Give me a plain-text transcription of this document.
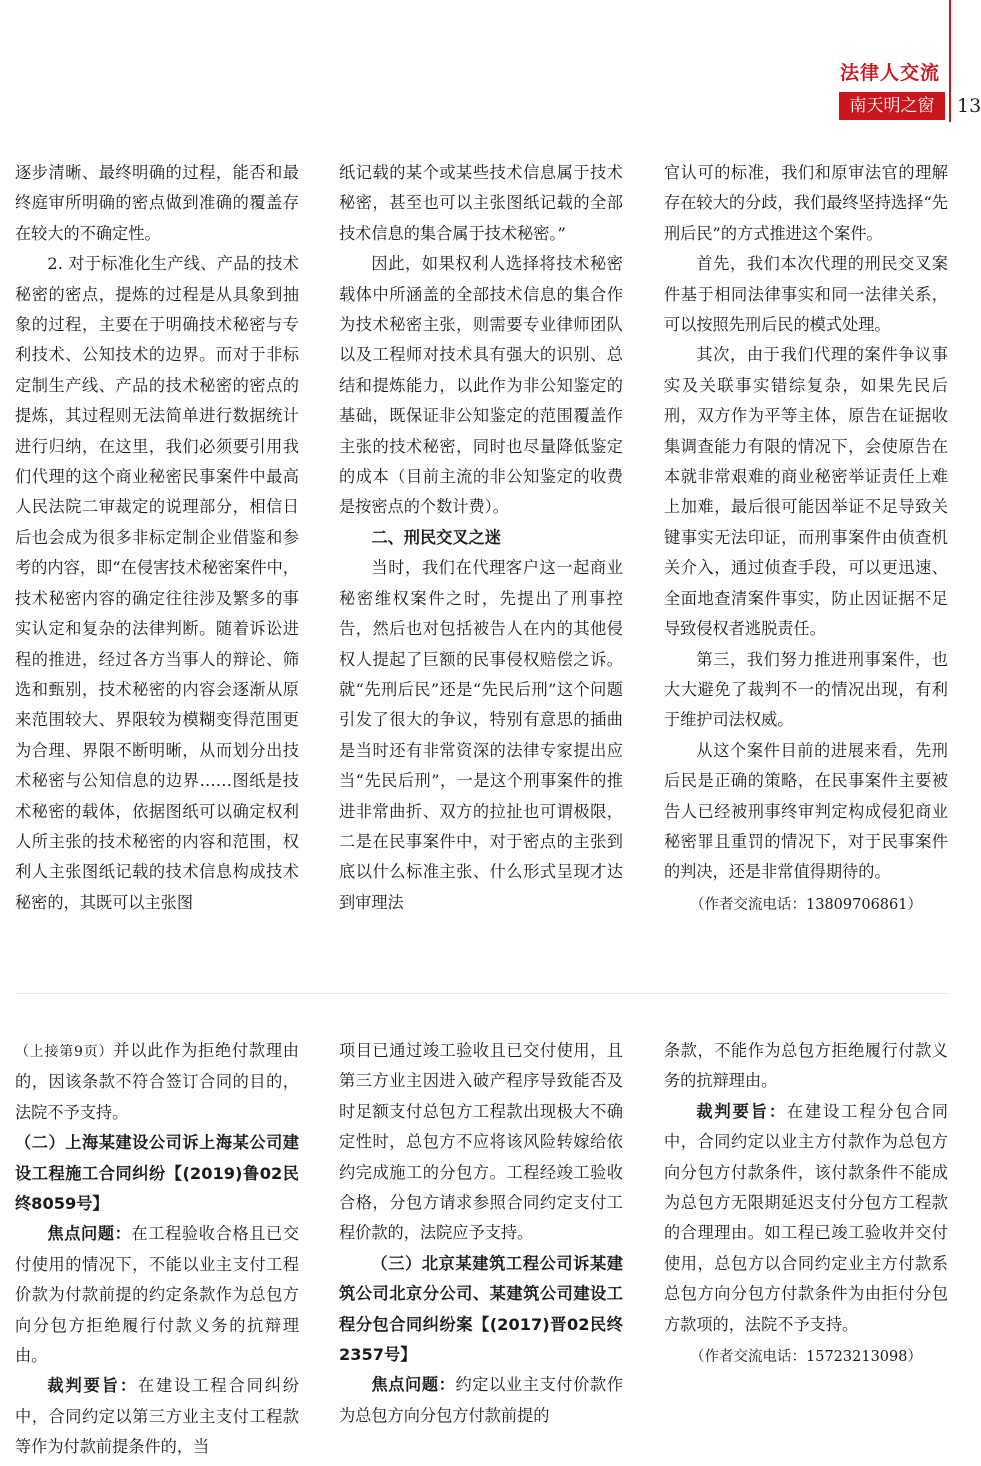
法律人交流
南天明之窗	13

逐步清晰、最终明确的过程，能否和最终庭审所明确的密点做到准确的覆盖存在较大的不确定性。

2. 对于标准化生产线、产品的技术秘密的密点，提炼的过程是从具象到抽象的过程，主要在于明确技术秘密与专利技术、公知技术的边界。而对于非标定制生产线、产品的技术秘密的密点的提炼，其过程则无法简单进行数据统计进行归纳，在这里，我们必须要引用我们代理的这个商业秘密民事案件中最高人民法院二审裁定的说理部分，相信日后也会成为很多非标定制企业借鉴和参考的内容，即“在侵害技术秘密案件中，技术秘密内容的确定往往涉及繁多的事实认定和复杂的法律判断。随着诉讼进程的推进，经过各方当事人的辩论、筛选和甄别，技术秘密的内容会逐渐从原来范围较大、界限较为模糊变得范围更为合理、界限不断明晰，从而划分出技术秘密与公知信息的边界……图纸是技术秘密的载体，依据图纸可以确定权利人所主张的技术秘密的内容和范围，权利人主张图纸记载的技术信息构成技术秘密的，其既可以主张图

纸记载的某个或某些技术信息属于技术秘密，甚至也可以主张图纸记载的全部技术信息的集合属于技术秘密。”

因此，如果权利人选择将技术秘密载体中所涵盖的全部技术信息的集合作为技术秘密主张，则需要专业律师团队以及工程师对技术具有强大的识别、总结和提炼能力，以此作为非公知鉴定的基础，既保证非公知鉴定的范围覆盖作主张的技术秘密，同时也尽量降低鉴定的成本（目前主流的非公知鉴定的收费是按密点的个数计费）。

二、刑民交叉之迷

当时，我们在代理客户这一起商业秘密维权案件之时，先提出了刑事控告，然后也对包括被告人在内的其他侵权人提起了巨额的民事侵权赔偿之诉。就“先刑后民”还是“先民后刑”这个问题引发了很大的争议，特别有意思的插曲是当时还有非常资深的法律专家提出应当“先民后刑”，一是这个刑事案件的推进非常曲折、双方的拉扯也可谓极限，二是在民事案件中，对于密点的主张到底以什么标准主张、什么形式呈现才达到审理法

官认可的标准，我们和原审法官的理解存在较大的分歧，我们最终坚持选择“先刑后民”的方式推进这个案件。

首先，我们本次代理的刑民交叉案件基于相同法律事实和同一法律关系，可以按照先刑后民的模式处理。

其次，由于我们代理的案件争议事实及关联事实错综复杂，如果先民后刑，双方作为平等主体，原告在证据收集调查能力有限的情况下，会使原告在本就非常艰难的商业秘密举证责任上难上加难，最后很可能因举证不足导致关键事实无法印证，而刑事案件由侦查机关介入，通过侦查手段，可以更迅速、全面地查清案件事实，防止因证据不足导致侵权者逃脱责任。

第三，我们努力推进刑事案件，也大大避免了裁判不一的情况出现，有利于维护司法权威。

从这个案件目前的进展来看，先刑后民是正确的策略，在民事案件主要被告人已经被刑事终审判定构成侵犯商业秘密罪且重罚的情况下，对于民事案件的判决，还是非常值得期待的。

（作者交流电话：13809706861）

（上接第9页）并以此作为拒绝付款理由的，因该条款不符合签订合同的目的，法院不予支持。

（二）上海某建设公司诉上海某公司建设工程施工合同纠纷【(2019)鲁02民终8059号】

焦点问题：在工程验收合格且已交付使用的情况下，不能以业主支付工程价款为付款前提的约定条款作为总包方向分包方拒绝履行付款义务的抗辩理由。

裁判要旨：在建设工程合同纠纷中，合同约定以第三方业主支付工程款等作为付款前提条件的，当

项目已通过竣工验收且已交付使用，且第三方业主因进入破产程序导致能否及时足额支付总包方工程款出现极大不确定性时，总包方不应将该风险转嫁给依约完成施工的分包方。工程经竣工验收合格，分包方请求参照合同约定支付工程价款的，法院应予支持。

（三）北京某建筑工程公司诉某建筑公司北京分公司、某建筑公司建设工程分包合同纠纷案【(2017)晋02民终2357号】

焦点问题：约定以业主支付价款作为总包方向分包方付款前提的

条款，不能作为总包方拒绝履行付款义务的抗辩理由。

裁判要旨：在建设工程分包合同中，合同约定以业主方付款作为总包方向分包方付款条件，该付款条件不能成为总包方无限期延迟支付分包方工程款的合理理由。如工程已竣工验收并交付使用，总包方以合同约定业主方付款系总包方向分包方付款条件为由拒付分包方款项的，法院不予支持。

（作者交流电话：15723213098）
